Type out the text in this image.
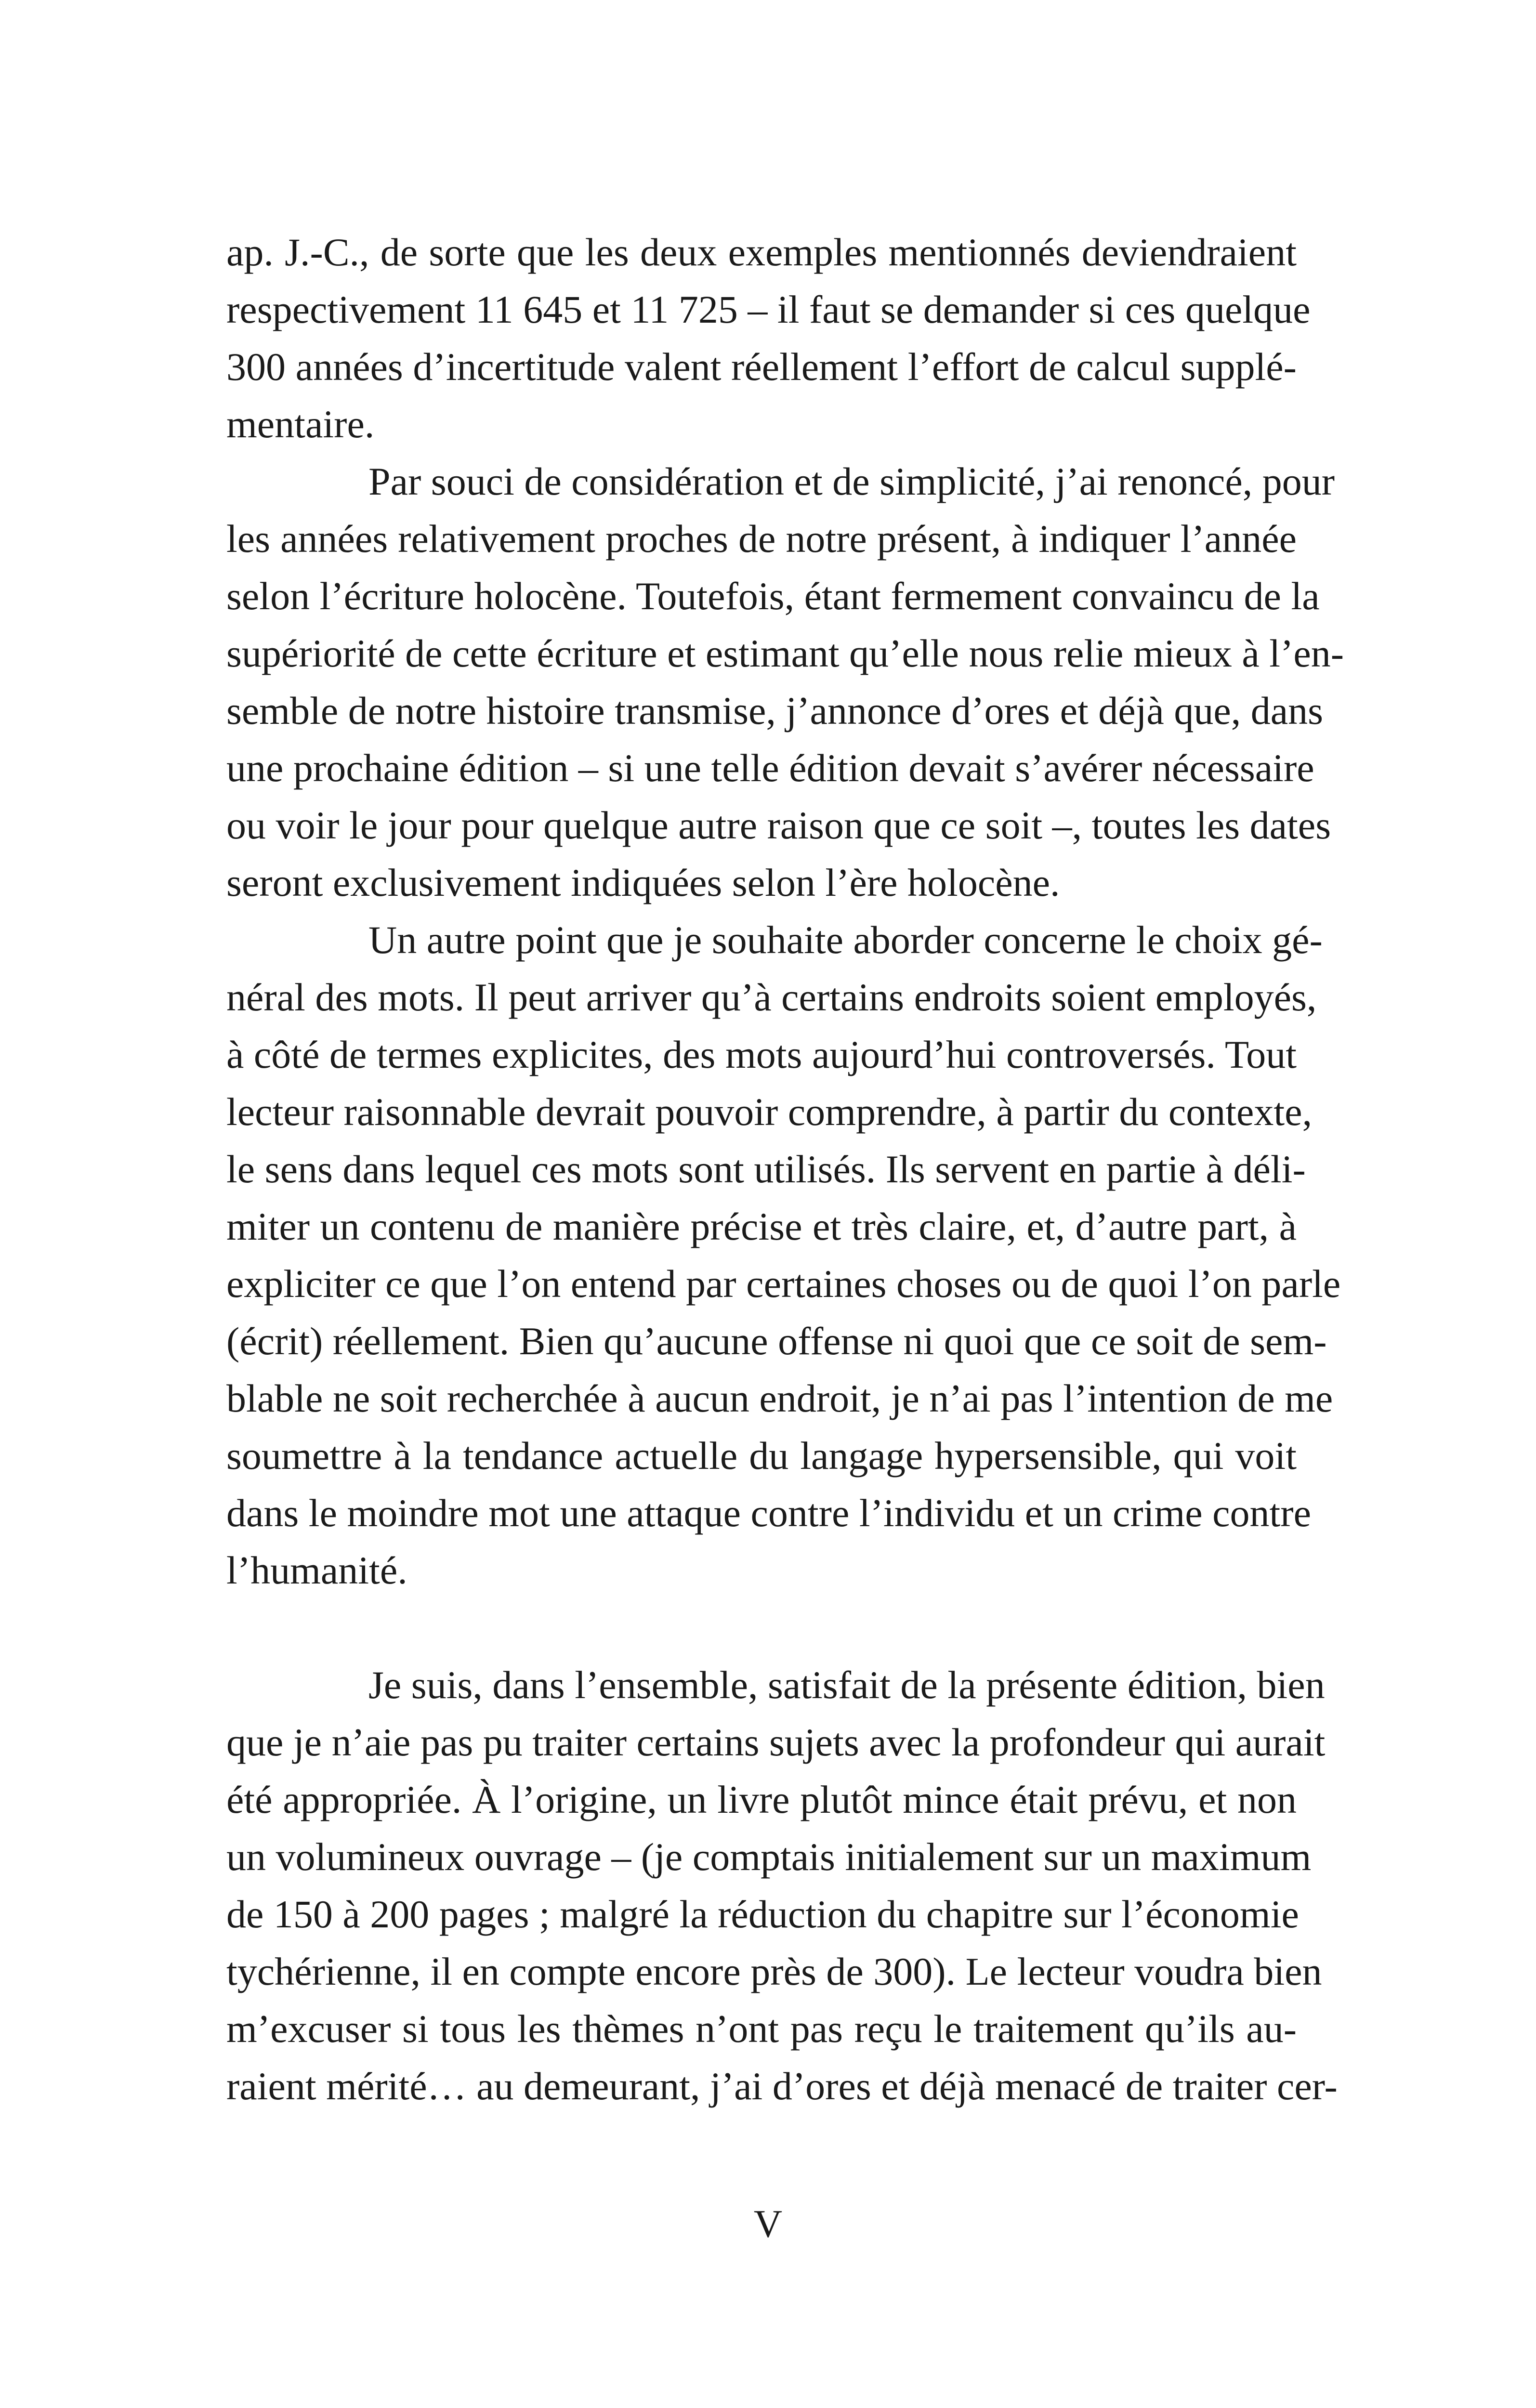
ap. J.-C., de sorte que les deux exemples mentionnés deviendraient
respectivement 11 645 et 11 725 – il faut se demander si ces quelque
300 années d’incertitude valent réellement l’effort de calcul supplé-
mentaire.
Par souci de considération et de simplicité, j’ai renoncé, pour
les années relativement proches de notre présent, à indiquer l’année
selon l’écriture holocène. Toutefois, étant fermement convaincu de la
supériorité de cette écriture et estimant qu’elle nous relie mieux à l’en-
semble de notre histoire transmise, j’annonce d’ores et déjà que, dans
une prochaine édition – si une telle édition devait s’avérer nécessaire
ou voir le jour pour quelque autre raison que ce soit –, toutes les dates
seront exclusivement indiquées selon l’ère holocène.
Un autre point que je souhaite aborder concerne le choix gé-
néral des mots. Il peut arriver qu’à certains endroits soient employés,
à côté de termes explicites, des mots aujourd’hui controversés. Tout
lecteur raisonnable devrait pouvoir comprendre, à partir du contexte,
le sens dans lequel ces mots sont utilisés. Ils servent en partie à déli-
miter un contenu de manière précise et très claire, et, d’autre part, à
expliciter ce que l’on entend par certaines choses ou de quoi l’on parle
(écrit) réellement. Bien qu’aucune offense ni quoi que ce soit de sem-
blable ne soit recherchée à aucun endroit, je n’ai pas l’intention de me
soumettre à la tendance actuelle du langage hypersensible, qui voit
dans le moindre mot une attaque contre l’individu et un crime contre
l’humanité.
Je suis, dans l’ensemble, satisfait de la présente édition, bien
que je n’aie pas pu traiter certains sujets avec la profondeur qui aurait
été appropriée. À l’origine, un livre plutôt mince était prévu, et non
un volumineux ouvrage – (je comptais initialement sur un maximum
de 150 à 200 pages ; malgré la réduction du chapitre sur l’économie
tychérienne, il en compte encore près de 300). Le lecteur voudra bien
m’excuser si tous les thèmes n’ont pas reçu le traitement qu’ils au-
raient mérité… au demeurant, j’ai d’ores et déjà menacé de traiter cer-
V
